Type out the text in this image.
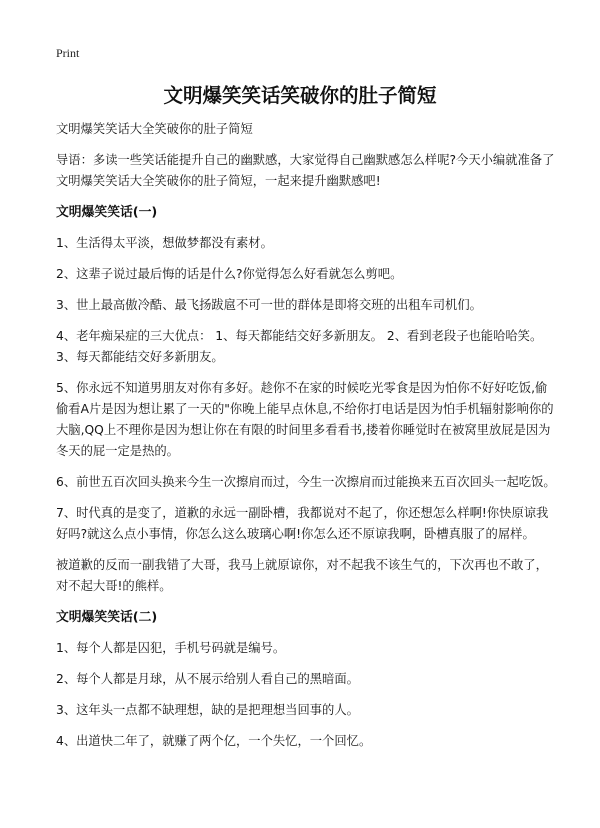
Print
文明爆笑笑话笑破你的肚子简短

文明爆笑笑话大全笑破你的肚子简短

导语：多读一些笑话能提升自己的幽默感，大家觉得自己幽默感怎么样呢?今天小编就准备了文明爆笑笑话大全笑破你的肚子简短，一起来提升幽默感吧!

文明爆笑笑话(一)

1、生活得太平淡，想做梦都没有素材。

2、这辈子说过最后悔的话是什么?你觉得怎么好看就怎么剪吧。

3、世上最高傲冷酷、最飞扬跋扈不可一世的群体是即将交班的出租车司机们。

4、老年痴呆症的三大优点： 1、每天都能结交好多新朋友。 2、看到老段子也能哈哈笑。3、每天都能结交好多新朋友。

5、你永远不知道男朋友对你有多好。趁你不在家的时候吃光零食是因为怕你不好好吃饭,偷偷看A片是因为想让累了一天的"你晚上能早点休息,不给你打电话是因为怕手机辐射影响你的大脑,QQ上不理你是因为想让你在有限的时间里多看看书,搂着你睡觉时在被窝里放屁是因为冬天的屁一定是热的。

6、前世五百次回头换来今生一次擦肩而过，今生一次擦肩而过能换来五百次回头一起吃饭。

7、时代真的是变了，道歉的永远一副卧槽，我都说对不起了，你还想怎么样啊!你快原谅我好吗?就这么点小事情，你怎么这么玻璃心啊!你怎么还不原谅我啊，卧槽真服了的屌样。

被道歉的反而一副我错了大哥，我马上就原谅你，对不起我不该生气的，下次再也不敢了，对不起大哥!的熊样。

文明爆笑笑话(二)

1、每个人都是囚犯，手机号码就是编号。

2、每个人都是月球，从不展示给别人看自己的黑暗面。

3、这年头一点都不缺理想，缺的是把理想当回事的人。

4、出道快二年了，就赚了两个亿，一个失忆，一个回忆。
